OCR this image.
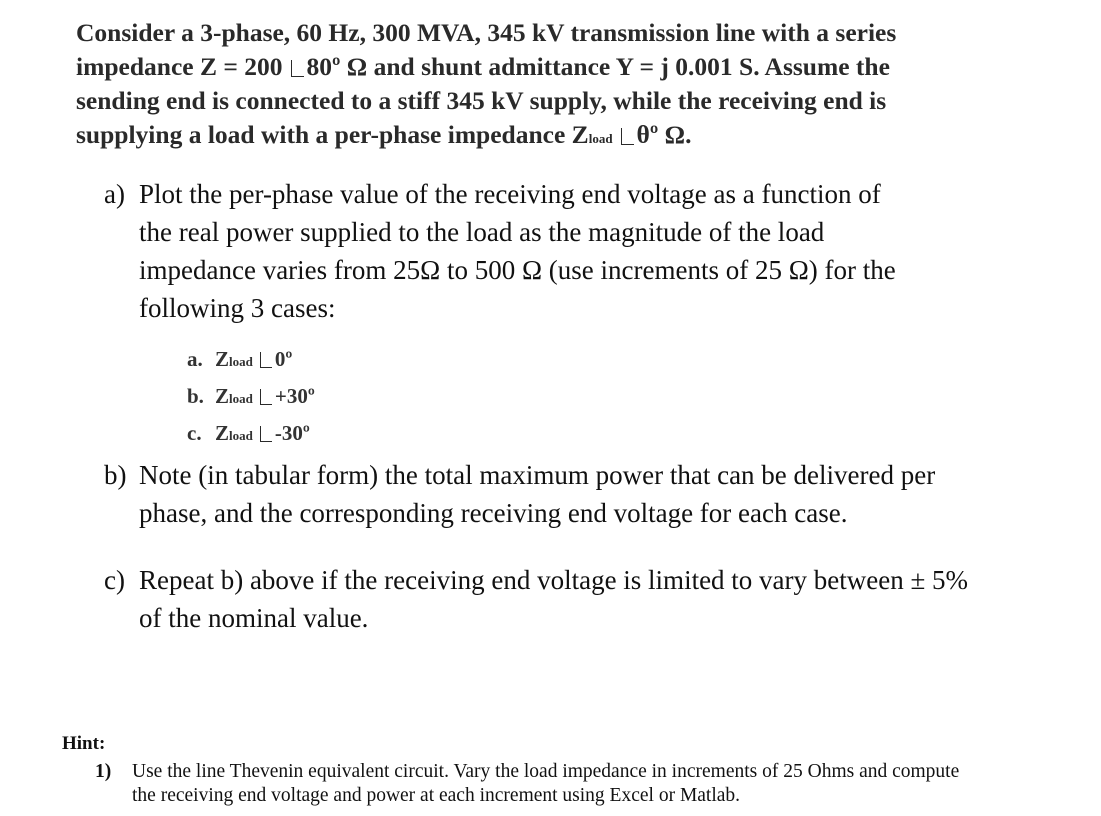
Consider a 3-phase, 60 Hz, 300 MVA, 345 kV transmission line with a series
impedance Z = 200 80º Ω and shunt admittance Y = j 0.001 S. Assume the
sending end is connected to a stiff 345 kV supply, while the receiving end is
supplying a load with a per-phase impedance Zload θº Ω.
a) Plot the per-phase value of the receiving end voltage as a function of
the real power supplied to the load as the magnitude of the load
impedance varies from 25Ω to 500 Ω (use increments of 25 Ω) for the
following 3 cases:
a. Zload 0º
b. Zload +30º
c. Zload -30º
b) Note (in tabular form) the total maximum power that can be delivered per
phase, and the corresponding receiving end voltage for each case.
c) Repeat b) above if the receiving end voltage is limited to vary between ± 5%
of the nominal value.
Hint:
1) Use the line Thevenin equivalent circuit. Vary the load impedance in increments of 25 Ohms and compute
the receiving end voltage and power at each increment using Excel or Matlab.
